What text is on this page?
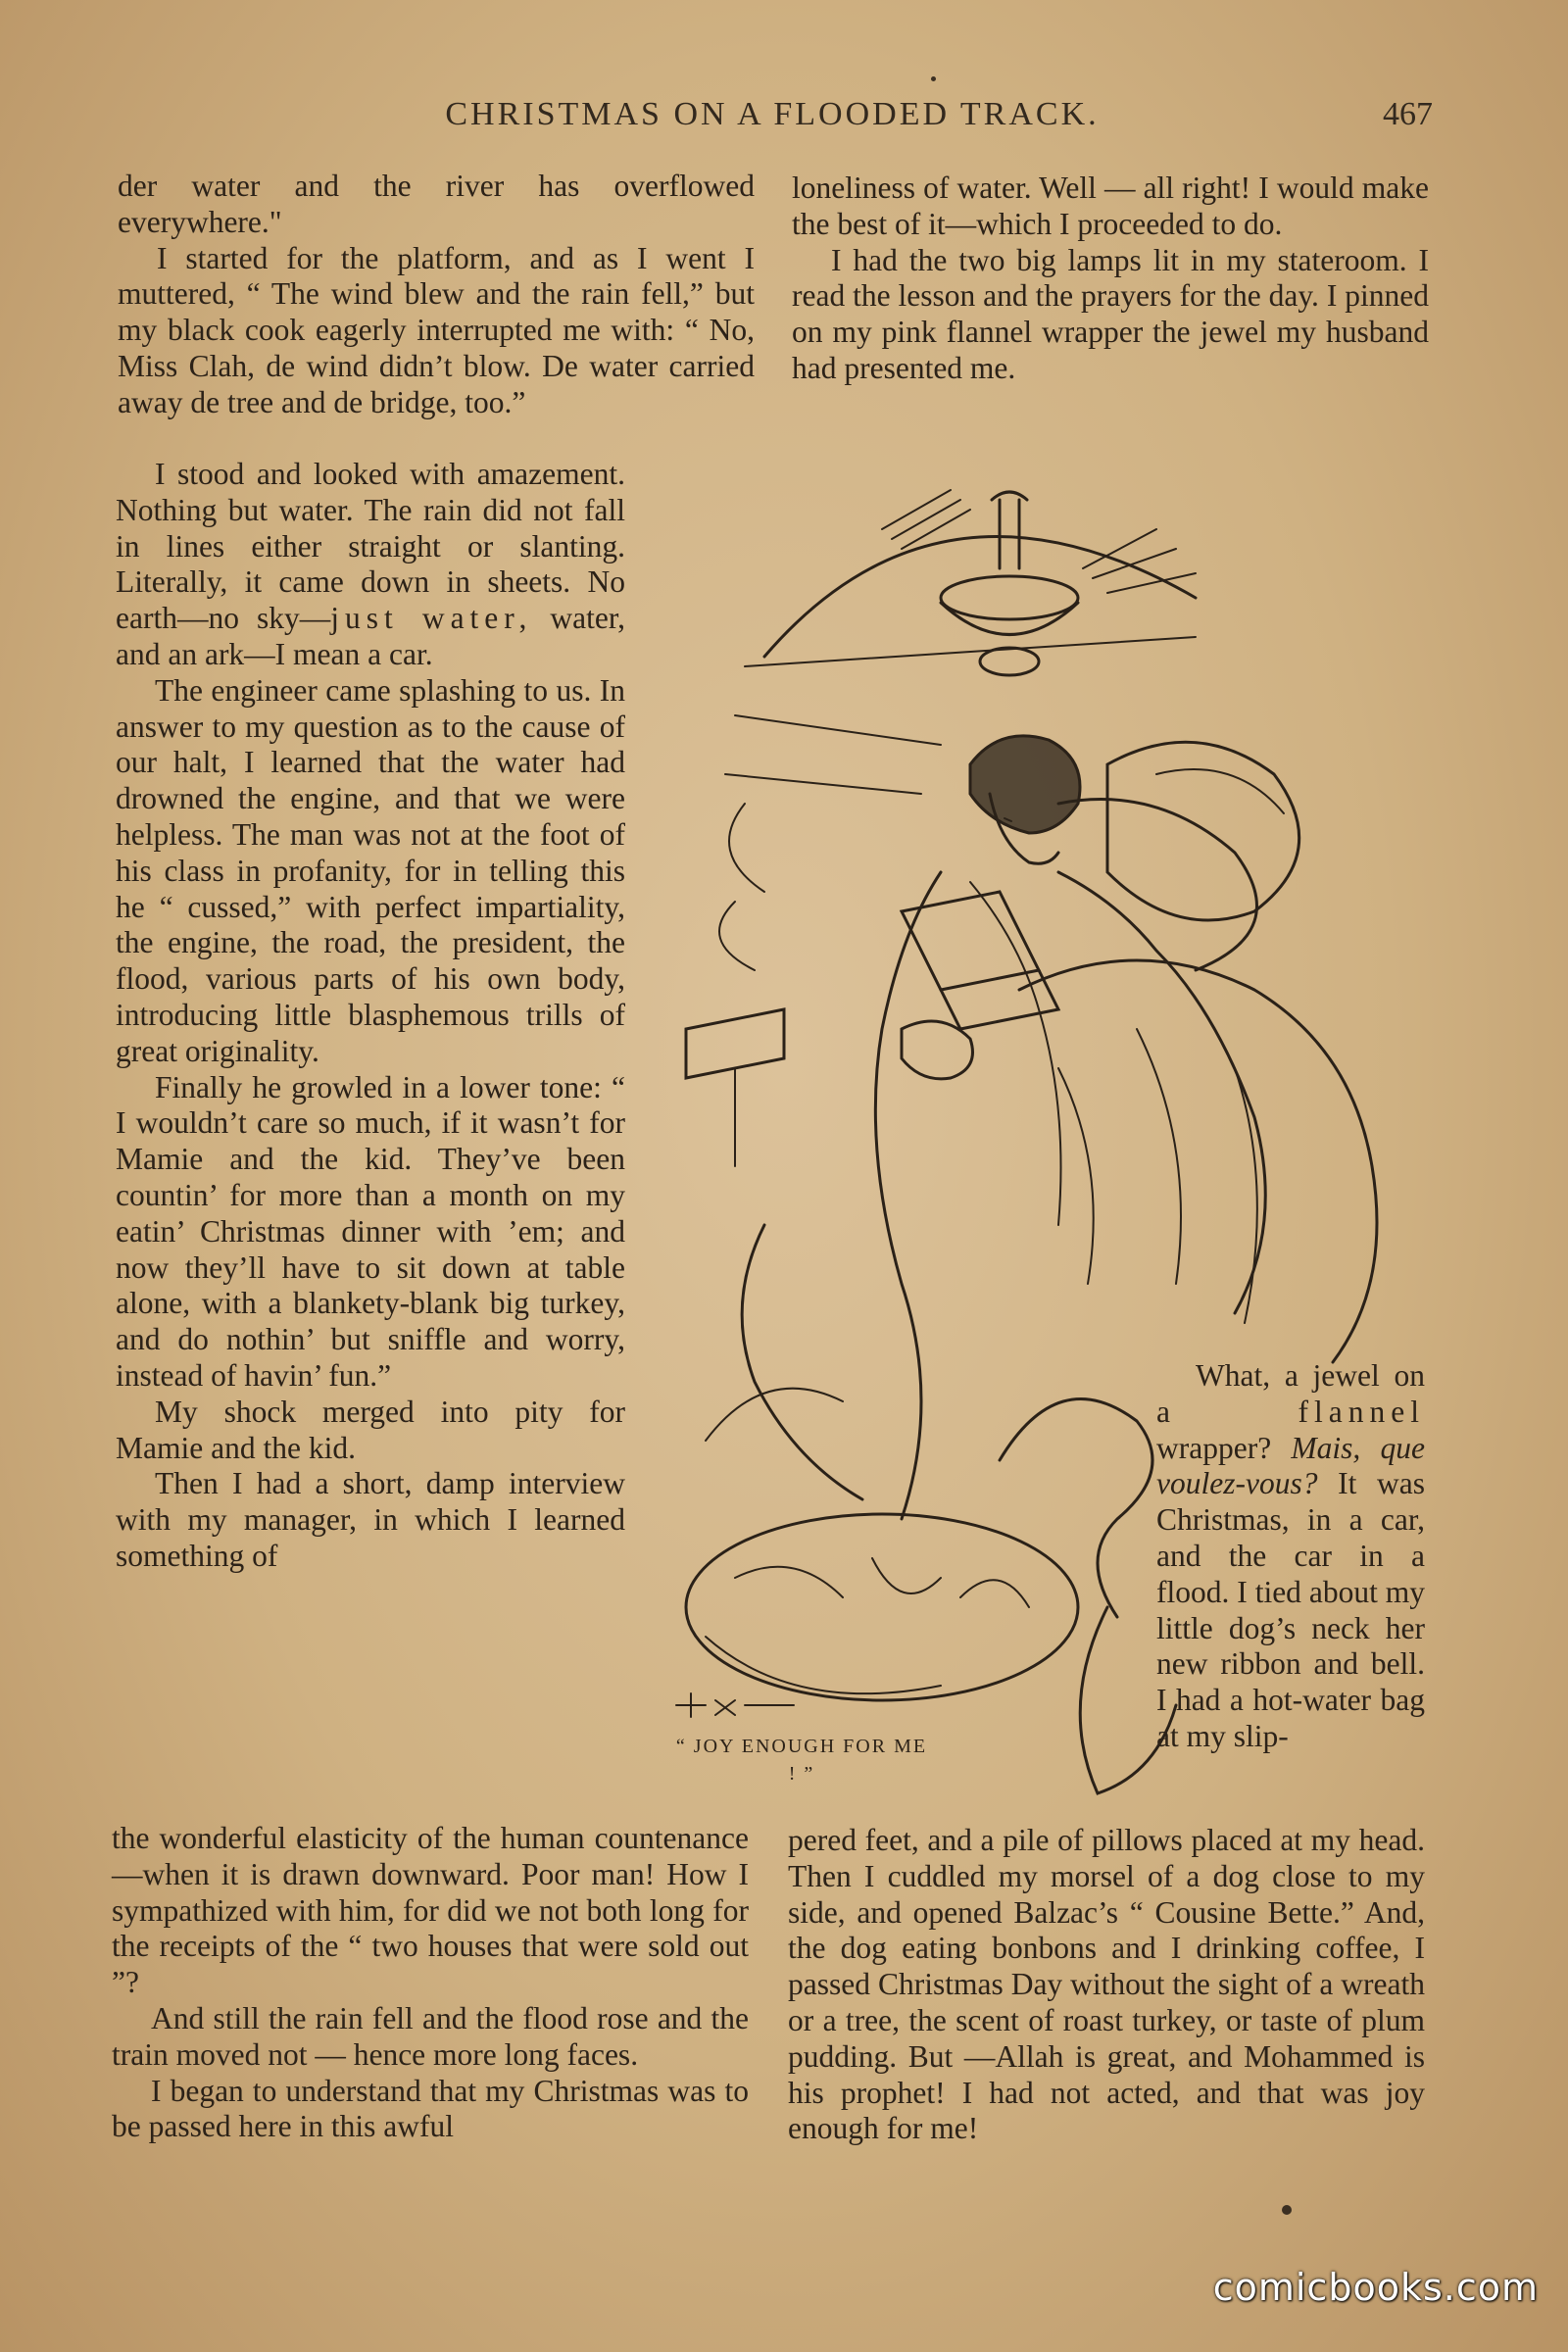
CHRISTMAS ON A FLOODED TRACK.	467

der water and the river has overflowed everywhere."

I started for the platform, and as I went I muttered, “ The wind blew and the rain fell,” but my black cook eagerly interrupted me with: “ No, Miss Clah, de wind didn’t blow. De water carried away de tree and de bridge, too.”

I stood and looked with amazement. Nothing but water. The rain did not fall in lines either straight or slanting. Literally, it came down in sheets. No earth—no sky—just water, water, and an ark—I mean a car.

The engineer came splashing to us. In answer to my question as to the cause of our halt, I learned that the water had drowned the engine, and that we were helpless. The man was not at the foot of his class in profanity, for in telling this he “ cussed,” with perfect impartiality, the engine, the road, the president, the flood, various parts of his own body, introducing little blasphemous trills of great originality.

Finally he growled in a lower tone: “ I wouldn’t care so much, if it wasn’t for Mamie and the kid. They’ve been countin’ for more than a month on my eatin’ Christmas dinner with ’em; and now they’ll have to sit down at table alone, with a blankety-blank big turkey, and do nothin’ but sniffle and worry, instead of havin’ fun.”

My shock merged into pity for Mamie and the kid.

Then I had a short, damp interview with my manager, in which I learned something of

the wonderful elasticity of the human countenance—when it is drawn downward. Poor man! How I sympathized with him, for did we not both long for the receipts of the “ two houses that were sold out ”?

And still the rain fell and the flood rose and the train moved not — hence more long faces.

I began to understand that my Christmas was to be passed here in this awful

loneliness of water. Well — all right! I would make the best of it—which I proceeded to do.

I had the two big lamps lit in my stateroom. I read the lesson and the prayers for the day. I pinned on my pink flannel wrapper the jewel my husband had presented me.

“ JOY ENOUGH FOR ME ! ”

What, a jewel on a flannel wrapper? Mais, que voulez-vous? It was Christmas, in a car, and the car in a flood. I tied about my little dog’s neck her new ribbon and bell. I had a hot-water bag at my slip-

pered feet, and a pile of pillows placed at my head. Then I cuddled my morsel of a dog close to my side, and opened Balzac’s “ Cousine Bette.” And, the dog eating bonbons and I drinking coffee, I passed Christmas Day without the sight of a wreath or a tree, the scent of roast turkey, or taste of plum pudding. But —Allah is great, and Mohammed is his prophet! I had not acted, and that was joy enough for me!

comicbooks.com
